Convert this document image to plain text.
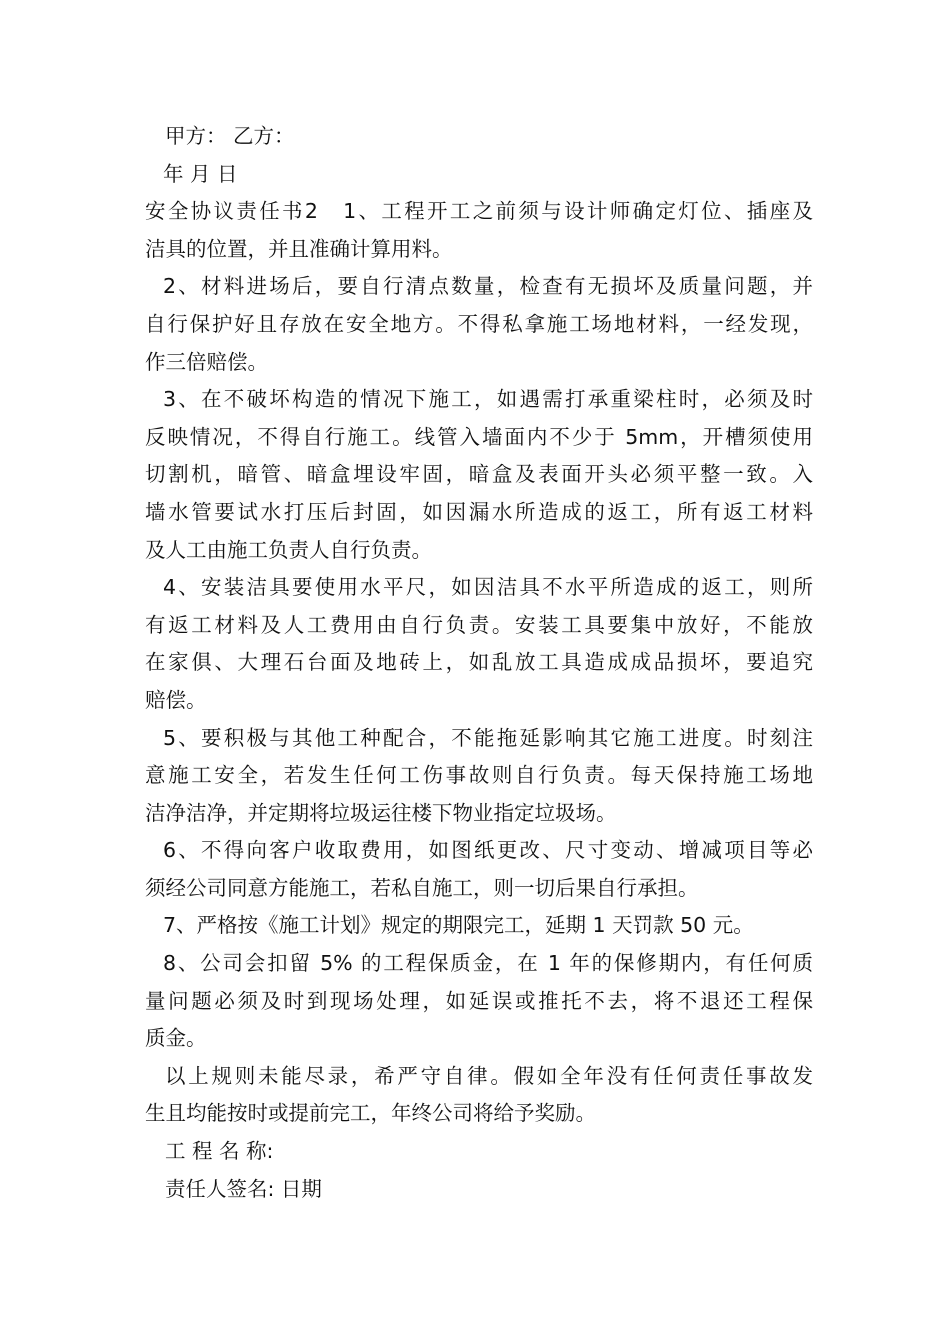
甲方： 乙方：
年 月 日
安全协议责任书2　1、工程开工之前须与设计师确定灯位、插座及
洁具的位置，并且准确计算用料。
2、材料进场后，要自行清点数量，检查有无损坏及质量问题，并
自行保护好且存放在安全地方。不得私拿施工场地材料，一经发现，
作三倍赔偿。
3、在不破坏构造的情况下施工，如遇需打承重梁柱时，必须及时
反映情况，不得自行施工。线管入墙面内不少于 5mm，开槽须使用
切割机，暗管、暗盒埋设牢固，暗盒及表面开头必须平整一致。入
墙水管要试水打压后封固，如因漏水所造成的返工，所有返工材料
及人工由施工负责人自行负责。
4、安装洁具要使用水平尺，如因洁具不水平所造成的返工，则所
有返工材料及人工费用由自行负责。安装工具要集中放好，不能放
在家俱、大理石台面及地砖上，如乱放工具造成成品损坏，要追究
赔偿。
5、要积极与其他工种配合，不能拖延影响其它施工进度。时刻注
意施工安全，若发生任何工伤事故则自行负责。每天保持施工场地
洁净洁净，并定期将垃圾运往楼下物业指定垃圾场。
6、不得向客户收取费用，如图纸更改、尺寸变动、增减项目等必
须经公司同意方能施工，若私自施工，则一切后果自行承担。
7、严格按《施工计划》规定的期限完工，延期 1 天罚款 50 元。
8、公司会扣留 5% 的工程保质金，在 1 年的保修期内，有任何质
量问题必须及时到现场处理，如延误或推托不去，将不退还工程保
质金。
以上规则未能尽录，希严守自律。假如全年没有任何责任事故发
生且均能按时或提前完工，年终公司将给予奖励。
工 程 名 称:
责任人签名: 日期
